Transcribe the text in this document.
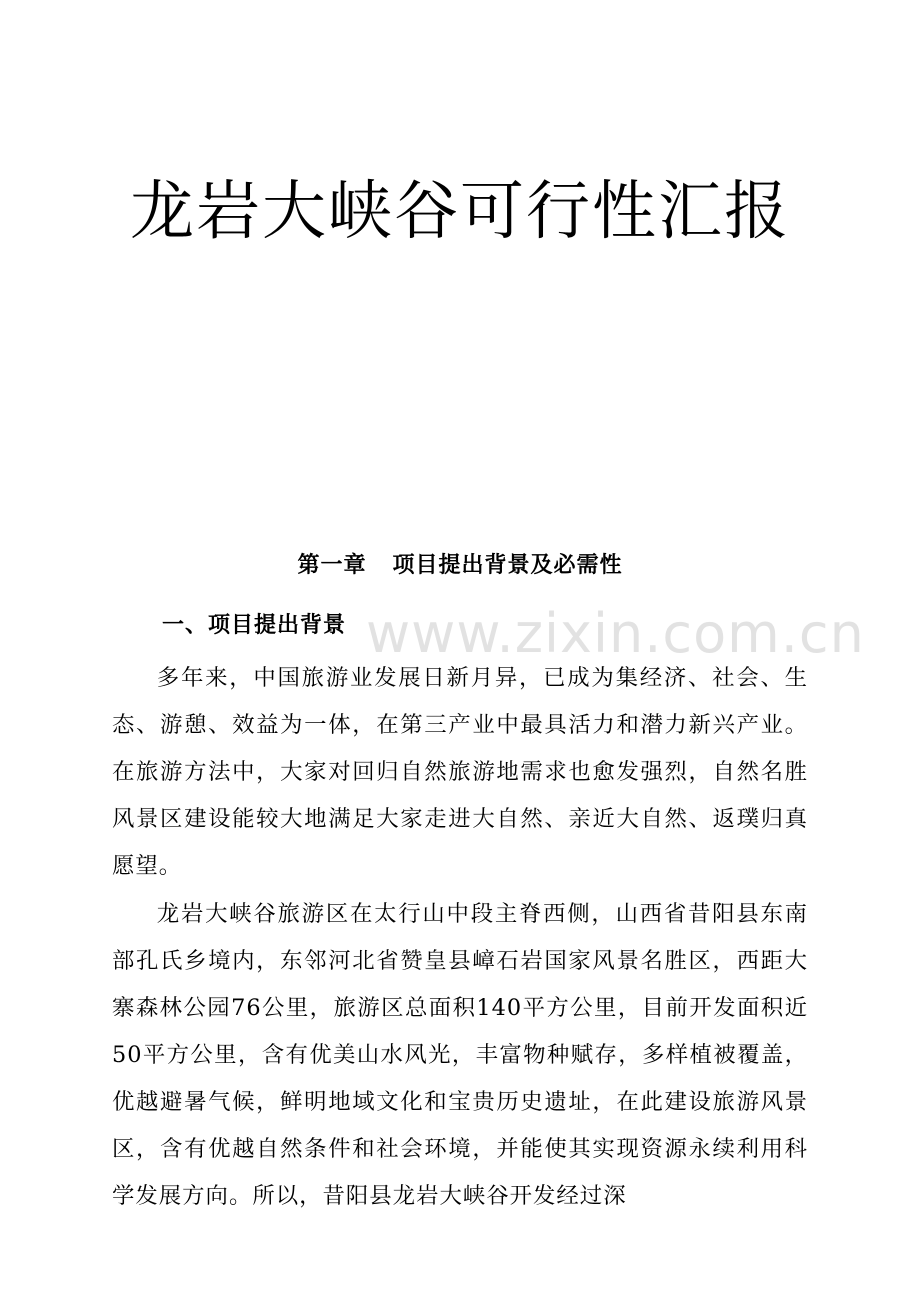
龙岩大峡谷可行性汇报
第一章   项目提出背景及必需性
一、项目提出背景 www.zixin.com.cn

多年来，中国旅游业发展日新月异，已成为集经济、社会、生态、游憩、效益为一体，在第三产业中最具活力和潜力新兴产业。在旅游方法中，大家对回归自然旅游地需求也愈发强烈，自然名胜风景区建设能较大地满足大家走进大自然、亲近大自然、返璞归真愿望。

龙岩大峡谷旅游区在太行山中段主脊西侧，山西省昔阳县东南部孔氏乡境内，东邻河北省赞皇县嶂石岩国家风景名胜区，西距大寨森林公园76公里，旅游区总面积140平方公里，目前开发面积近50平方公里，含有优美山水风光，丰富物种赋存，多样植被覆盖，优越避暑气候，鲜明地域文化和宝贵历史遗址，在此建设旅游风景区，含有优越自然条件和社会环境，并能使其实现资源永续利用科学发展方向。所以，昔阳县龙岩大峡谷开发经过深
